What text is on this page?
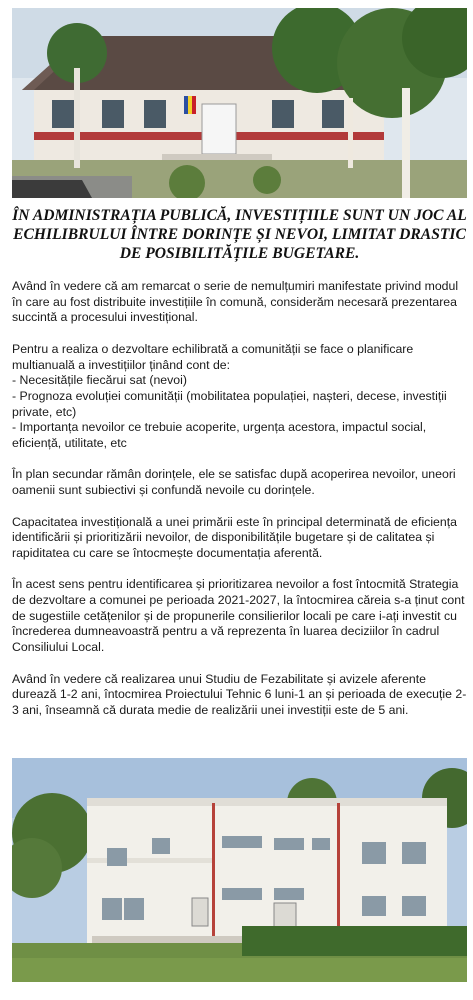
ÎN ADMINISTRAȚIA PUBLICĂ, INVESTIȚIILE SUNT UN JOC AL ECHILIBRULUI ÎNTRE DORINȚE ȘI NEVOI, LIMITAT DRASTIC DE POSIBILITĂȚILE BUGETARE.

Având în vedere că am remarcat o serie de nemulțumiri manifestate privind modul în care au fost distribuite investițiile în comună, considerăm necesară prezentarea succintă a procesului investițional.

Pentru a realiza o dezvoltare echilibrată a comunității se face o planificare multianuală a investițiilor ținând cont de:
- Necesitățile fiecărui sat (nevoi)
- Prognoza evoluției comunității (mobilitatea populației, nașteri, decese, investiții private, etc)
- Importanța nevoilor ce trebuie acoperite, urgența acestora, impactul social, eficiență, utilitate, etc

În plan secundar rămân dorințele, ele se satisfac după acoperirea nevoilor, uneori oamenii sunt subiectivi și confundă nevoile cu dorințele.

Capacitatea investițională a unei primării este în principal determinată de eficiența identificării și prioritizării nevoilor, de disponibilitățile bugetare și de calitatea și rapiditatea cu care se întocmește documentația aferentă.

În acest sens pentru identificarea și prioritizarea nevoilor a fost întocmită Strategia de dezvoltare a comunei pe perioada 2021-2027, la întocmirea căreia s-a ținut cont de sugestiile cetățenilor și de propunerile consilierilor locali pe care i-ați investit cu încrederea dumneavoastră pentru a vă reprezenta în luarea deciziilor în cadrul Consiliului Local.

Având în vedere că realizarea unui Studiu de Fezabilitate și avizele aferente durează 1-2 ani, întocmirea Proiectului Tehnic 6 luni-1 an și perioada de execuție 2-3 ani, înseamnă că durata medie de realizării unei investiții este de 5 ani.
